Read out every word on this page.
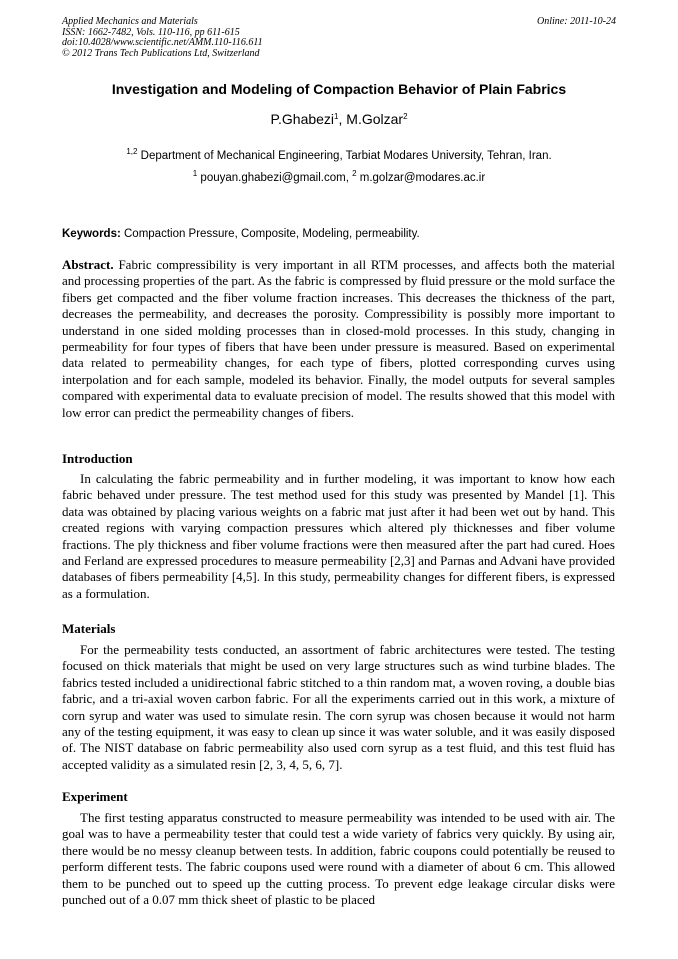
Applied Mechanics and Materials	Online: 2011-10-24
ISSN: 1662-7482, Vols. 110-116, pp 611-615
doi:10.4028/www.scientific.net/AMM.110-116.611
© 2012 Trans Tech Publications Ltd, Switzerland
Investigation and Modeling of Compaction Behavior of Plain Fabrics
P.Ghabezi$^1$, M.Golzar$^2$
$^{1,2}$ Department of Mechanical Engineering, Tarbiat Modares University, Tehran, Iran.
$^1$ pouyan.ghabezi@gmail.com, $^2$ m.golzar@modares.ac.ir
Keywords: Compaction Pressure, Composite, Modeling, permeability.

Abstract. Fabric compressibility is very important in all RTM processes, and affects both the material and processing properties of the part. As the fabric is compressed by fluid pressure or the mold surface the fibers get compacted and the fiber volume fraction increases. This decreases the thickness of the part, decreases the permeability, and decreases the porosity. Compressibility is possibly more important to understand in one sided molding processes than in closed-mold processes. In this study, changing in permeability for four types of fibers that have been under pressure is measured. Based on experimental data related to permeability changes, for each type of fibers, plotted corresponding curves using interpolation and for each sample, modeled its behavior. Finally, the model outputs for several samples compared with experimental data to evaluate precision of model. The results showed that this model with low error can predict the permeability changes of fibers.

Introduction

In calculating the fabric permeability and in further modeling, it was important to know how each fabric behaved under pressure. The test method used for this study was presented by Mandel [1]. This data was obtained by placing various weights on a fabric mat just after it had been wet out by hand. This created regions with varying compaction pressures which altered ply thicknesses and fiber volume fractions. The ply thickness and fiber volume fractions were then measured after the part had cured. Hoes and Ferland are expressed procedures to measure permeability [2,3] and Parnas and Advani have provided databases of fibers permeability [4,5]. In this study, permeability changes for different fibers, is expressed as a formulation.

Materials

For the permeability tests conducted, an assortment of fabric architectures were tested. The testing focused on thick materials that might be used on very large structures such as wind turbine blades. The fabrics tested included a unidirectional fabric stitched to a thin random mat, a woven roving, a double bias fabric, and a tri-axial woven carbon fabric. For all the experiments carried out in this work, a mixture of corn syrup and water was used to simulate resin. The corn syrup was chosen because it would not harm any of the testing equipment, it was easy to clean up since it was water soluble, and it was easily disposed of. The NIST database on fabric permeability also used corn syrup as a test fluid, and this test fluid has accepted validity as a simulated resin [2, 3, 4, 5, 6, 7].

Experiment

The first testing apparatus constructed to measure permeability was intended to be used with air. The goal was to have a permeability tester that could test a wide variety of fabrics very quickly. By using air, there would be no messy cleanup between tests. In addition, fabric coupons could potentially be reused to perform different tests. The fabric coupons used were round with a diameter of about 6 cm. This allowed them to be punched out to speed up the cutting process. To prevent edge leakage circular disks were punched out of a 0.07 mm thick sheet of plastic to be placed
